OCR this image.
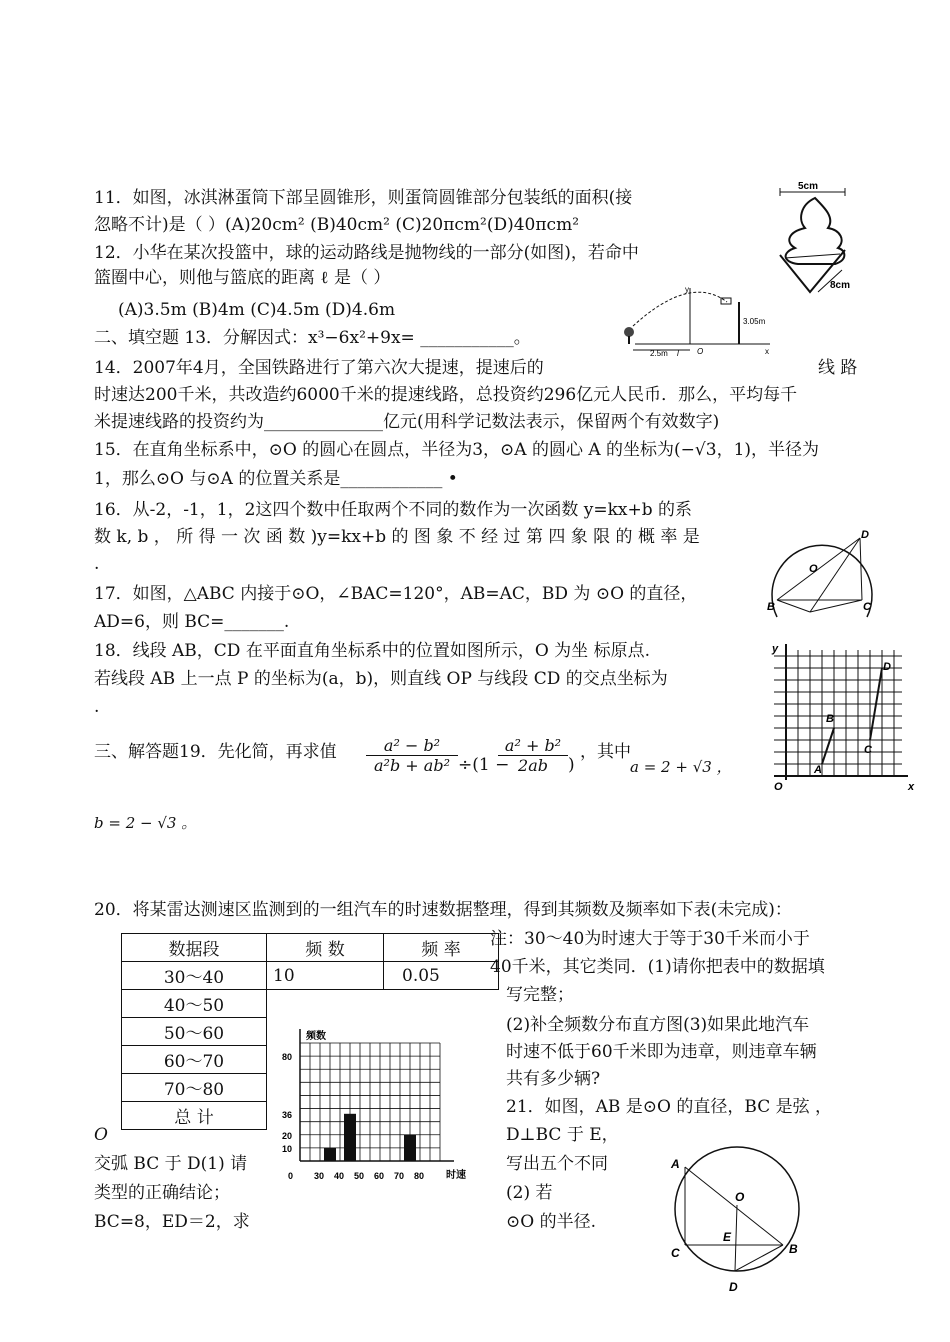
11．如图，冰淇淋蛋筒下部呈圆锥形，则蛋筒圆锥部分包装纸的面积(接
忽略不计)是（ ）(A)20cm² (B)40cm² (C)20πcm²(D)40πcm²
5cm
8cm
12．小华在某次投篮中，球的运动路线是抛物线的一部分(如图)，若命中
篮圈中心，则他与篮底的距离 ℓ 是（ ）
(A)3.5m (B)4m (C)4.5m (D)4.6m
x
y
3.05m
2.5m	O
l
二、填空题 13．分解因式：x³−6x²+9x= ___________。
14．2007年4月，全国铁路进行了第六次大提速，提速后的	线 路
时速达200千米，共改造约6000千米的提速线路，总投资约296亿元人民币．那么，平均每千
米提速线路的投资约为______________亿元(用科学记数法表示，保留两个有效数字)
15．在直角坐标系中，⊙O 的圆心在圆点，半径为3，⊙A 的圆心 A 的坐标为(−√3，1)，半径为
1，那么⊙O 与⊙A 的位置关系是____________ •
16．从-2，-1，1，2这四个数中任取两个不同的数作为一次函数 y=kx+b 的系
数 k, b ， 所 得 一 次 函 数 )y=kx+b 的 图 象 不 经 过 第 四 象 限 的 概 率 是
.
D
O
B	C
17．如图，△ABC 内接于⊙O，∠BAC=120°，AB=AC，BD 为 ⊙O 的直径，
AD=6，则 BC=_______.
18．线段 AB，CD 在平面直角坐标系中的位置如图所示，O 为坐 标原点.
若线段 AB 上一点 P 的坐标为(a，b)，则直线 OP 与线段 CD 的交点坐标为
.
y
D
B
C
A
O	x
三、解答题19．先化简，再求值 $\frac{\text{a² − b²}}{\text{a²b + ab²}} \div(1$ −
$\frac{\text{a² + b²}}{2ab}$ )
，其中
a = 2 + √3 ，
b = 2 − √3 。
20．将某雷达测速区监测到的一组汽车的时速数据整理，得到其频数及频率如下表(未完成)：
数据段	频 数	频 率
30～40	10	0.05
40～50		
50～60		
60～70		
70～80		
总 计		
注：30～40为时速大于等于30千米而小于
40千米，其它类同．(1)请你把表中的数据填
写完整；
(2)补全频数分布直方图(3)如果此地汽车
时速不低于60千米即为违章，则违章车辆
共有多少辆?
频数
时速
0 30 40 50 60 70 80
10
20
36
80
21．如图，AB 是⊙O 的直径，BC 是弦 ，
D⊥BC 于 E，
写出五个不同
(2) 若
⊙O 的半径.
O
交弧 BC 于 D(1) 请
类型的正确结论；
BC=8，ED＝2，求
A
O
E
C	B
D
